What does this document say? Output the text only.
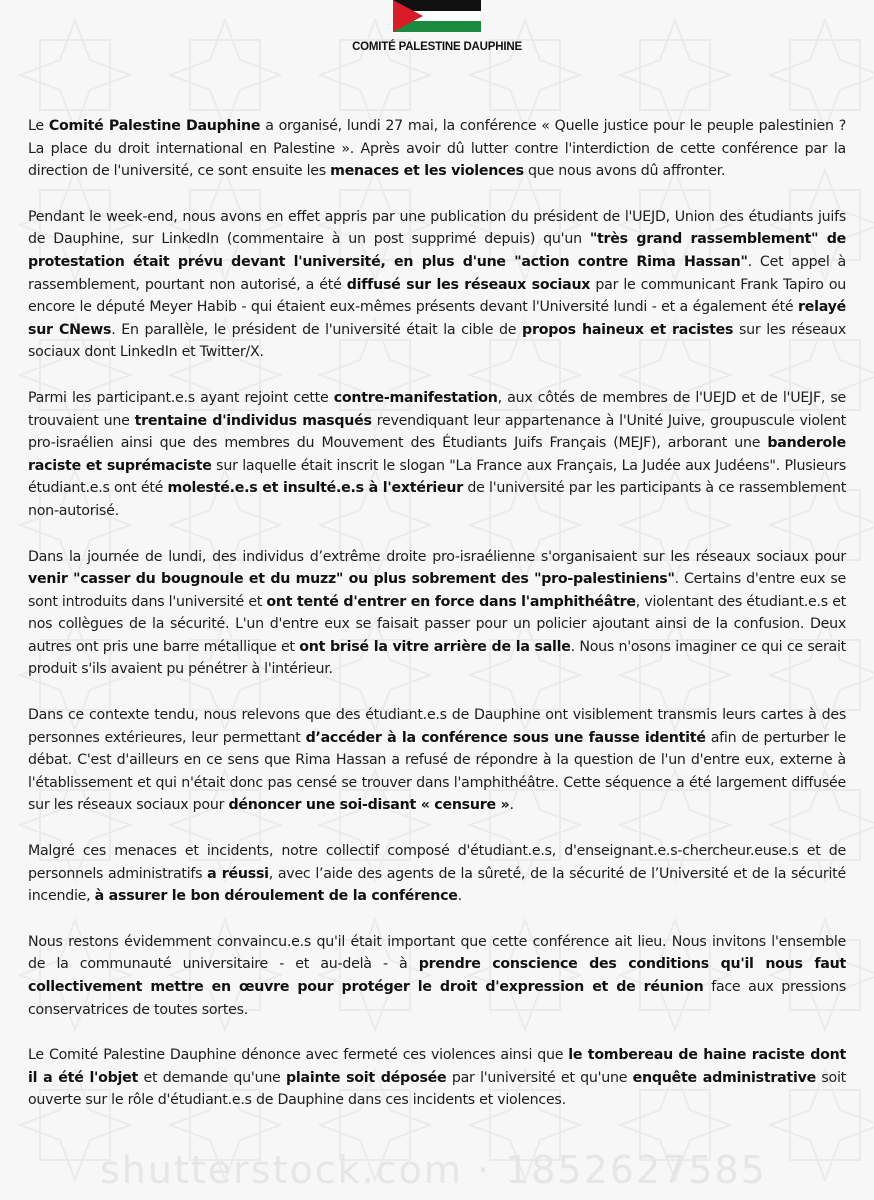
COMITÉ PALESTINE DAUPHINE

Le Comité Palestine Dauphine a organisé, lundi 27 mai, la conférence « Quelle justice pour le peuple palestinien ? La place du droit international en Palestine ». Après avoir dû lutter contre l'interdiction de cette conférence par la direction de l'université, ce sont ensuite les menaces et les violences que nous avons dû affronter.

Pendant le week-end, nous avons en effet appris par une publication du président de l'UEJD, Union des étudiants juifs de Dauphine, sur LinkedIn (commentaire à un post supprimé depuis) qu'un "très grand rassemblement" de protestation était prévu devant l'université, en plus d'une "action contre Rima Hassan". Cet appel à rassemblement, pourtant non autorisé, a été diffusé sur les réseaux sociaux par le communicant Frank Tapiro ou encore le député Meyer Habib - qui étaient eux-mêmes présents devant l'Université lundi - et a également été relayé sur CNews. En parallèle, le président de l'université était la cible de propos haineux et racistes sur les réseaux sociaux dont LinkedIn et Twitter/X.

Parmi les participant.e.s ayant rejoint cette contre-manifestation, aux côtés de membres de l'UEJD et de l'UEJF, se trouvaient une trentaine d'individus masqués revendiquant leur appartenance à l'Unité Juive, groupuscule violent pro-israélien ainsi que des membres du Mouvement des Étudiants Juifs Français (MEJF), arborant une banderole raciste et suprémaciste sur laquelle était inscrit le slogan "La France aux Français, La Judée aux Judéens". Plusieurs étudiant.e.s ont été molesté.e.s et insulté.e.s à l'extérieur de l'université par les participants à ce rassemblement non-autorisé.

Dans la journée de lundi, des individus d’extrême droite pro-israélienne s'organisaient sur les réseaux sociaux pour venir "casser du bougnoule et du muzz" ou plus sobrement des "pro-palestiniens". Certains d'entre eux se sont introduits dans l'université et ont tenté d'entrer en force dans l'amphithéâtre, violentant des étudiant.e.s et nos collègues de la sécurité. L'un d'entre eux se faisait passer pour un policier ajoutant ainsi de la confusion. Deux autres ont pris une barre métallique et ont brisé la vitre arrière de la salle. Nous n'osons imaginer ce qui ce serait produit s'ils avaient pu pénétrer à l'intérieur.

Dans ce contexte tendu, nous relevons que des étudiant.e.s de Dauphine ont visiblement transmis leurs cartes à des personnes extérieures, leur permettant d’accéder à la conférence sous une fausse identité afin de perturber le débat. C'est d'ailleurs en ce sens que Rima Hassan a refusé de répondre à la question de l'un d'entre eux, externe à l'établissement et qui n'était donc pas censé se trouver dans l'amphithéâtre. Cette séquence a été largement diffusée sur les réseaux sociaux pour dénoncer une soi-disant « censure ».

Malgré ces menaces et incidents, notre collectif composé d'étudiant.e.s, d'enseignant.e.s-chercheur.euse.s et de personnels administratifs a réussi, avec l’aide des agents de la sûreté, de la sécurité de l’Université et de la sécurité incendie, à assurer le bon déroulement de la conférence.

Nous restons évidemment convaincu.e.s qu'il était important que cette conférence ait lieu. Nous invitons l'ensemble de la communauté universitaire - et au-delà - à prendre conscience des conditions qu'il nous faut collectivement mettre en œuvre pour protéger le droit d'expression et de réunion face aux pressions conservatrices de toutes sortes.

Le Comité Palestine Dauphine dénonce avec fermeté ces violences ainsi que le tombereau de haine raciste dont il a été l'objet et demande qu'une plainte soit déposée par l'université et qu'une enquête administrative soit ouverte sur le rôle d'étudiant.e.s de Dauphine dans ces incidents et violences.

shutterstock.com · 1852627585
